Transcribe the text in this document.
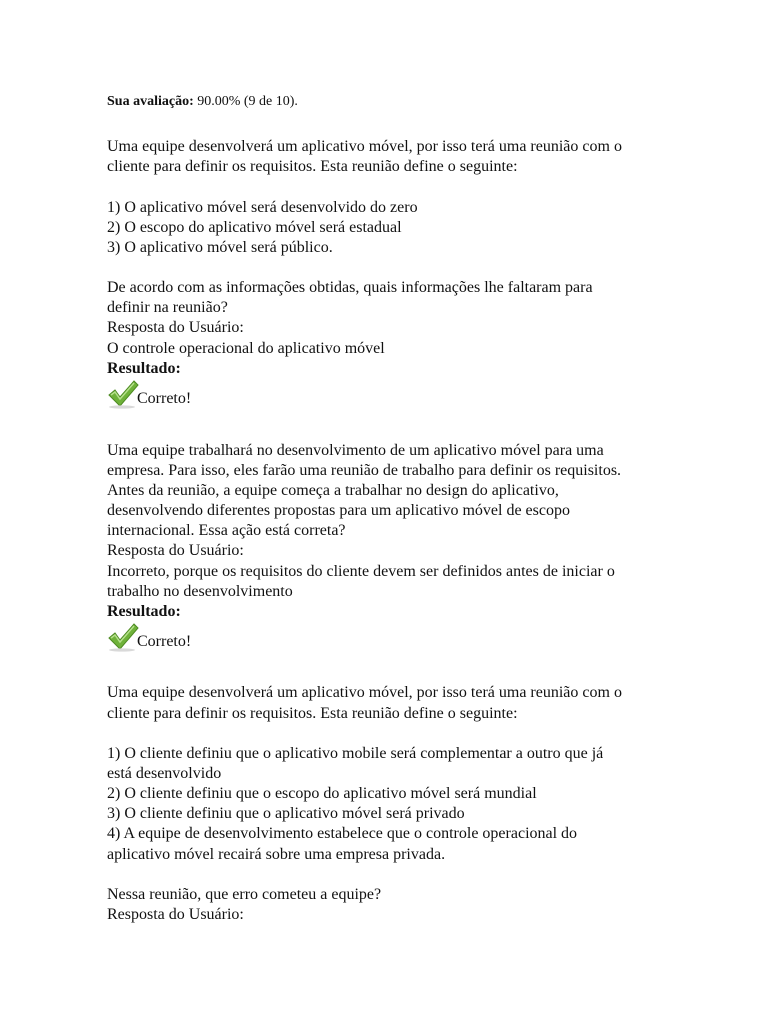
Sua avaliação: 90.00% (9 de 10).
Uma equipe desenvolverá um aplicativo móvel, por isso terá uma reunião com o
cliente para definir os requisitos. Esta reunião define o seguinte:
1) O aplicativo móvel será desenvolvido do zero
2) O escopo do aplicativo móvel será estadual
3) O aplicativo móvel será público.
De acordo com as informações obtidas, quais informações lhe faltaram para
definir na reunião?
Resposta do Usuário:
O controle operacional do aplicativo móvel
Resultado:
Correto!
Uma equipe trabalhará no desenvolvimento de um aplicativo móvel para uma
empresa. Para isso, eles farão uma reunião de trabalho para definir os requisitos.
Antes da reunião, a equipe começa a trabalhar no design do aplicativo,
desenvolvendo diferentes propostas para um aplicativo móvel de escopo
internacional. Essa ação está correta?
Resposta do Usuário:
Incorreto, porque os requisitos do cliente devem ser definidos antes de iniciar o
trabalho no desenvolvimento
Resultado:
Correto!
Uma equipe desenvolverá um aplicativo móvel, por isso terá uma reunião com o
cliente para definir os requisitos. Esta reunião define o seguinte:
1) O cliente definiu que o aplicativo mobile será complementar a outro que já
está desenvolvido
2) O cliente definiu que o escopo do aplicativo móvel será mundial
3) O cliente definiu que o aplicativo móvel será privado
4) A equipe de desenvolvimento estabelece que o controle operacional do
aplicativo móvel recairá sobre uma empresa privada.
Nessa reunião, que erro cometeu a equipe?
Resposta do Usuário:
